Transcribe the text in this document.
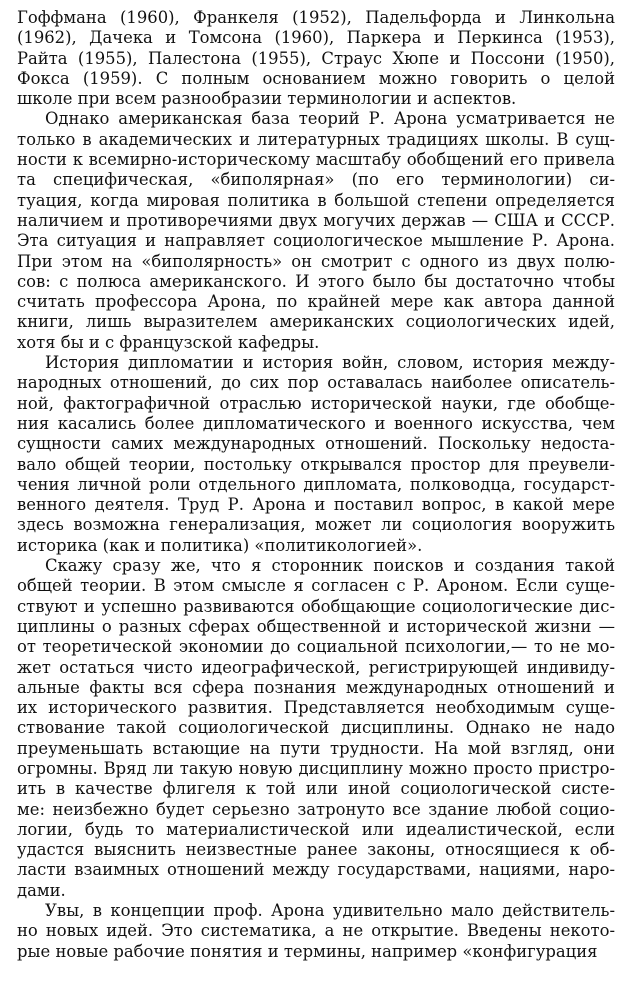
Гоффмана (1960), Франкеля (1952), Падельфорда и Линкольна
(1962), Дачека и Томсона (1960), Паркера и Перкинса (1953),
Райта (1955), Палестона (1955), Страус Хюпе и Поссони (1950),
Фокса (1959). С полным основанием можно говорить о целой
школе при всем разнообразии терминологии и аспектов.

Однако американская база теорий Р. Арона усматривается не
только в академических и литературных традициях школы. В сущ-
ности к всемирно-историческому масштабу обобщений его привела
та специфическая, «биполярная» (по его терминологии) си-
туация, когда мировая политика в большой степени определяется
наличием и противоречиями двух могучих держав — США и СССР.
Эта ситуация и направляет социологическое мышление Р. Арона.
При этом на «биполярность» он смотрит с одного из двух полю-
сов: с полюса американского. И этого было бы достаточно чтобы
считать профессора Арона, по крайней мере как автора данной
книги, лишь выразителем американских социологических идей,
хотя бы и с французской кафедры.

История дипломатии и история войн, словом, история между-
народных отношений, до сих пор оставалась наиболее описатель-
ной, фактографичной отраслью исторической науки, где обобще-
ния касались более дипломатического и военного искусства, чем
сущности самих международных отношений. Поскольку недоста-
вало общей теории, постольку открывался простор для преувели-
чения личной роли отдельного дипломата, полководца, государст-
венного деятеля. Труд Р. Арона и поставил вопрос, в какой мере
здесь возможна генерализация, может ли социология вооружить
историка (как и политика) «политикологией».

Скажу сразу же, что я сторонник поисков и создания такой
общей теории. В этом смысле я согласен с Р. Ароном. Если суще-
ствуют и успешно развиваются обобщающие социологические дис-
циплины о разных сферах общественной и исторической жизни —
от теоретической экономии до социальной психологии,— то не мо-
жет остаться чисто идеографической, регистрирующей индивиду-
альные факты вся сфера познания международных отношений и
их исторического развития. Представляется необходимым суще-
ствование такой социологической дисциплины. Однако не надо
преуменьшать встающие на пути трудности. На мой взгляд, они
огромны. Вряд ли такую новую дисциплину можно просто пристро-
ить в качестве флигеля к той или иной социологической систе-
ме: неизбежно будет серьезно затронуто все здание любой социо-
логии, будь то материалистической или идеалистической, если
удастся выяснить неизвестные ранее законы, относящиеся к об-
ласти взаимных отношений между государствами, нациями, наро-
дами.

Увы, в концепции проф. Арона удивительно мало действитель-
но новых идей. Это систематика, а не открытие. Введены некото-
рые новые рабочие понятия и термины, например «конфигурация
